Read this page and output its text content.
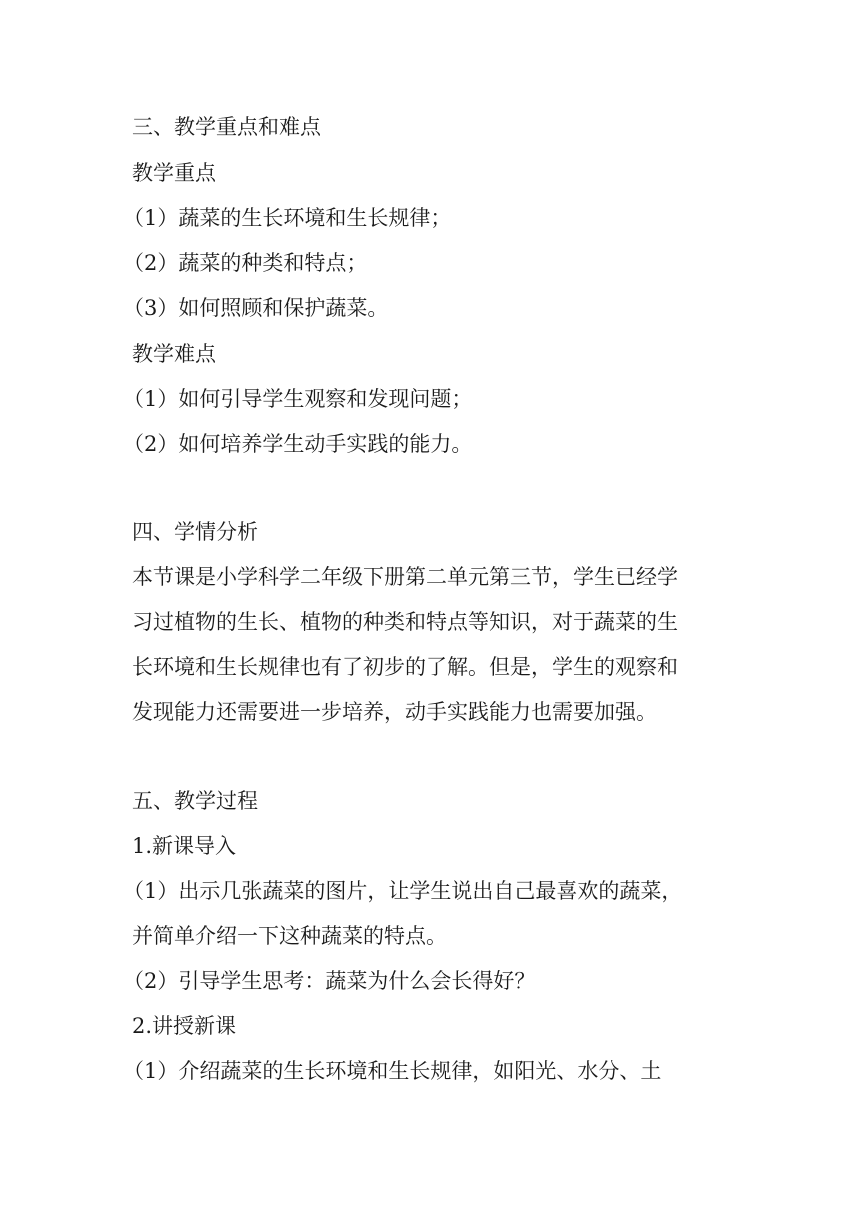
三、教学重点和难点
教学重点
（1）蔬菜的生长环境和生长规律；
（2）蔬菜的种类和特点；
（3）如何照顾和保护蔬菜。
教学难点
（1）如何引导学生观察和发现问题；
（2）如何培养学生动手实践的能力。
四、学情分析
本节课是小学科学二年级下册第二单元第三节，学生已经学
习过植物的生长、植物的种类和特点等知识，对于蔬菜的生
长环境和生长规律也有了初步的了解。但是，学生的观察和
发现能力还需要进一步培养，动手实践能力也需要加强。
五、教学过程
1.新课导入
（1）出示几张蔬菜的图片，让学生说出自己最喜欢的蔬菜，
并简单介绍一下这种蔬菜的特点。
（2）引导学生思考：蔬菜为什么会长得好？
2.讲授新课
（1）介绍蔬菜的生长环境和生长规律，如阳光、水分、土
